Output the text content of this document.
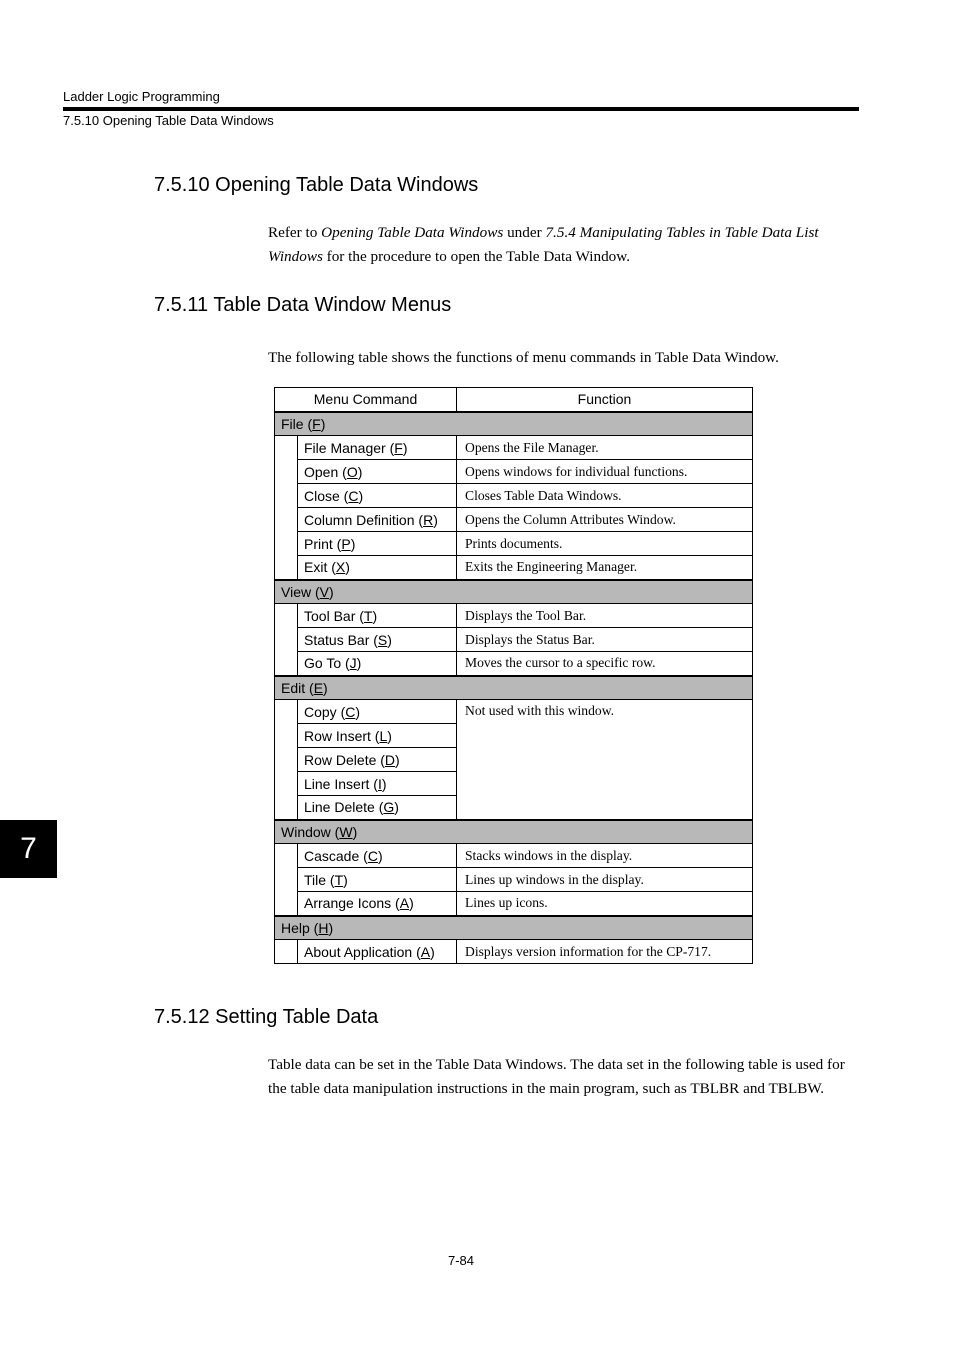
Ladder Logic Programming
7.5.10 Opening Table Data Windows
7.5.10 Opening Table Data Windows
Refer to Opening Table Data Windows under 7.5.4 Manipulating Tables in Table Data List Windows for the procedure to open the Table Data Window.
7.5.11 Table Data Window Menus
The following table shows the functions of menu commands in Table Data Window.
Menu Command		Function
File (F)		
	File Manager (F)	Opens the File Manager.
	Open (O)	Opens windows for individual functions.
	Close (C)	Closes Table Data Windows.
	Column Definition (R)	Opens the Column Attributes Window.
	Print (P)	Prints documents.
	Exit (X)	Exits the Engineering Manager.
View (V)		
	Tool Bar (T)	Displays the Tool Bar.
	Status Bar (S)	Displays the Status Bar.
	Go To (J)	Moves the cursor to a specific row.
Edit (E)		
	Copy (C)	Not used with this window.
	Row Insert (L)	
	Row Delete (D)	
	Line Insert (I)	
	Line Delete (G)	
Window (W)		
	Cascade (C)	Stacks windows in the display.
	Tile (T)	Lines up windows in the display.
	Arrange Icons (A)	Lines up icons.
Help (H)		
	About Application (A)	Displays version information for the CP-717.
7.5.12 Setting Table Data
Table data can be set in the Table Data Windows. The data set in the following table is used for the table data manipulation instructions in the main program, such as TBLBR and TBLBW.
7
7-84
